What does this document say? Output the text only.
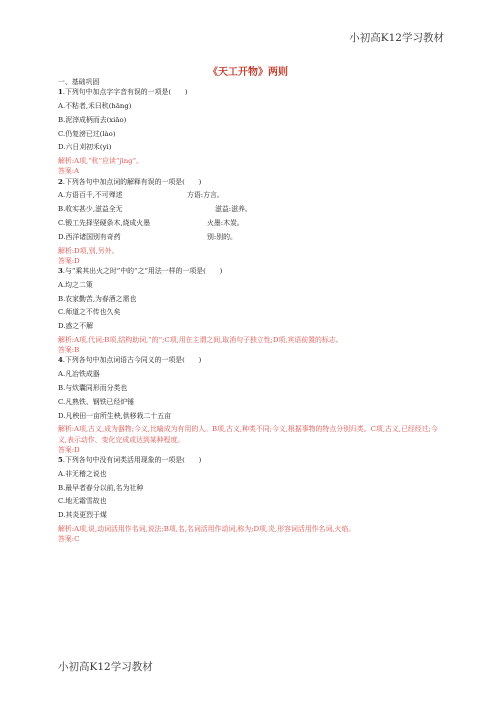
小初高K12学习教材
《天工开物》两则

一、基础巩固

1.下列句中加点字字音有误的一项是(　　)

A.不粘者,禾曰秔(hāng)

B.泥滓成柄而去(xiāo)

C.仍复滂已过(lào)

D.六日刈初禾(yì)

解析:A项,“秔”应读“jīng”。

答案:A

2.下列各句中加点词的解释有误的一项是(　　)

A.方语百千,不可殚述	方语:方言。

B.收实甚少,滋益全无	滋益:滋养。

C.锻工先择坚硬条木,烧成火墨	火墨:木炭。

D.西洋诸国别有奇药	别:别的。

解析:D项,别,另外。

答案:D

3.与“乘其出火之时”中的“之”用法一样的一项是(　　)

A.均之二策

B.农家勤苦,为春酒之需也

C.师道之不传也久矣

D.惑之不解

解析:A项,代词;B项,结构助词,“的”;C项,用在主谓之间,取消句子独立性;D项,宾语前置的标志。

答案:B

4.下列各句中加点词语古今同义的一项是(　　)

A.凡冶铁成器

B.与炊囊同形而分类也

C.凡熟铁、钢铁已经炉锤

D.凡秧田一亩所生秧,供移栽二十五亩

解析:A项,古义,成为器物;今义,比喻成为有用的人。B项,古义,种类不同;今义,根据事物的特点分别归类。C项,古义,已经经过;今义,表示动作、变化完成或达到某种程度。

答案:D

5.下列各句中没有词类活用现象的一项是(　　)

A.非无稽之说也

B.最早者春分以前,名为社种

C.地无霜雪故也

D.其炎更烈于煤

解析:A项,说,动词活用作名词,说法;B项,名,名词活用作动词,称为;D项,炎,形容词活用作名词,火焰。

答案:C

小初高K12学习教材
